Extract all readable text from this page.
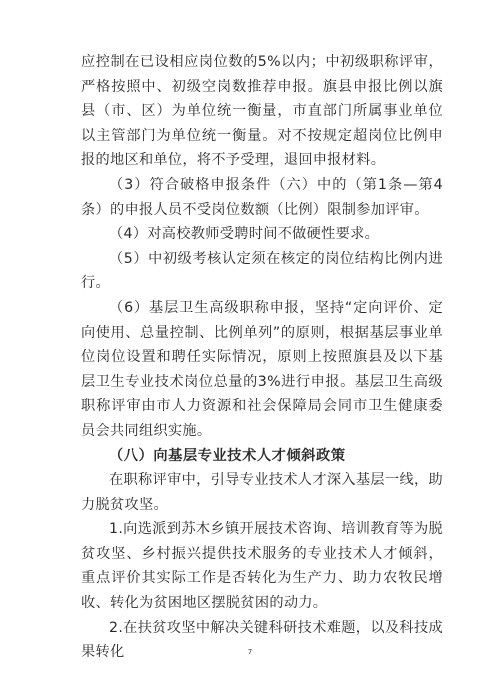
应控制在已设相应岗位数的5%以内；中初级职称评审，严格按照中、初级空岗数推荐申报。旗县申报比例以旗县（市、区）为单位统一衡量，市直部门所属事业单位以主管部门为单位统一衡量。对不按规定超岗位比例申报的地区和单位，将不予受理，退回申报材料。

（3）符合破格申报条件（六）中的（第1条—第4条）的申报人员不受岗位数额（比例）限制参加评审。

（4）对高校教师受聘时间不做硬性要求。

（5）中初级考核认定须在核定的岗位结构比例内进行。

（6）基层卫生高级职称申报，坚持“定向评价、定向使用、总量控制、比例单列”的原则，根据基层事业单位岗位设置和聘任实际情况，原则上按照旗县及以下基层卫生专业技术岗位总量的3%进行申报。基层卫生高级职称评审由市人力资源和社会保障局会同市卫生健康委员会共同组织实施。

（八）向基层专业技术人才倾斜政策

在职称评审中，引导专业技术人才深入基层一线，助力脱贫攻坚。

1.向选派到苏木乡镇开展技术咨询、培训教育等为脱贫攻坚、乡村振兴提供技术服务的专业技术人才倾斜，重点评价其实际工作是否转化为生产力、助力农牧民增收、转化为贫困地区摆脱贫困的动力。

2.在扶贫攻坚中解决关键科研技术难题，以及科技成果转化	7
